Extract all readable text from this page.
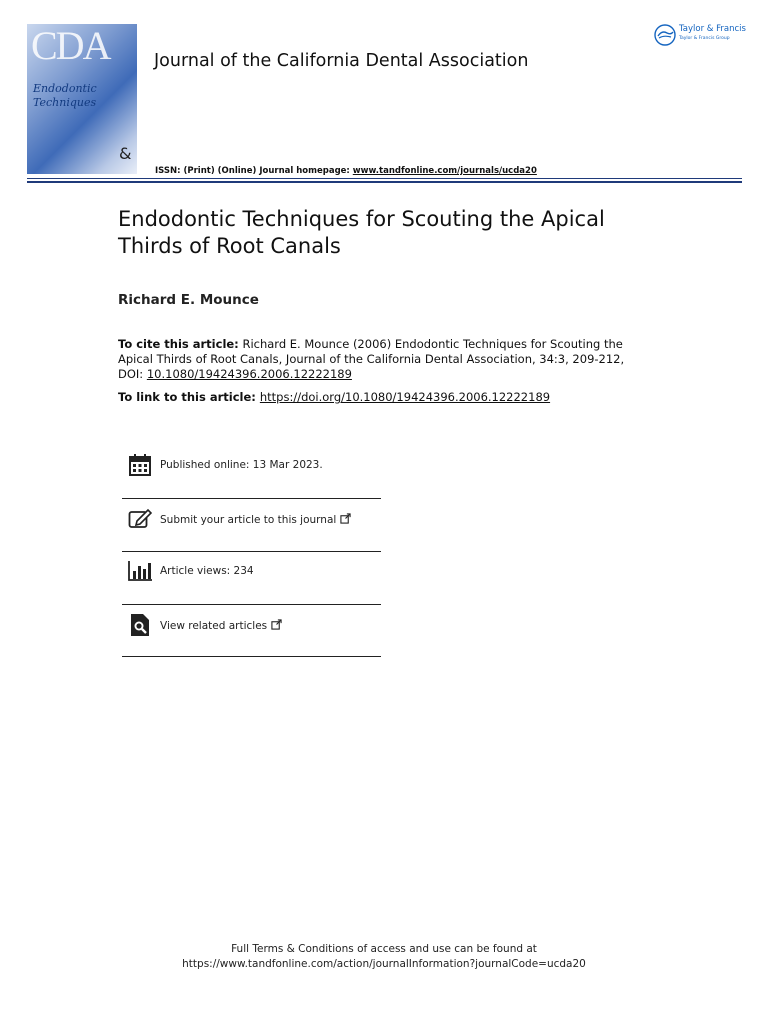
CDA
Endodontic Techniques
&
Journal of the California Dental Association
Taylor & Francis
Taylor & Francis Group
ISSN: (Print) (Online) Journal homepage: www.tandfonline.com/journals/ucda20
Endodontic Techniques for Scouting the Apical Thirds of Root Canals
Richard E. Mounce
To cite this article: Richard E. Mounce (2006) Endodontic Techniques for Scouting the Apical Thirds of Root Canals, Journal of the California Dental Association, 34:3, 209-212, DOI: 10.1080/19424396.2006.12222189
To link to this article: https://doi.org/10.1080/19424396.2006.12222189
Published online: 13 Mar 2023.
Submit your article to this journal
Article views: 234
View related articles
Full Terms & Conditions of access and use can be found at
https://www.tandfonline.com/action/journalInformation?journalCode=ucda20
